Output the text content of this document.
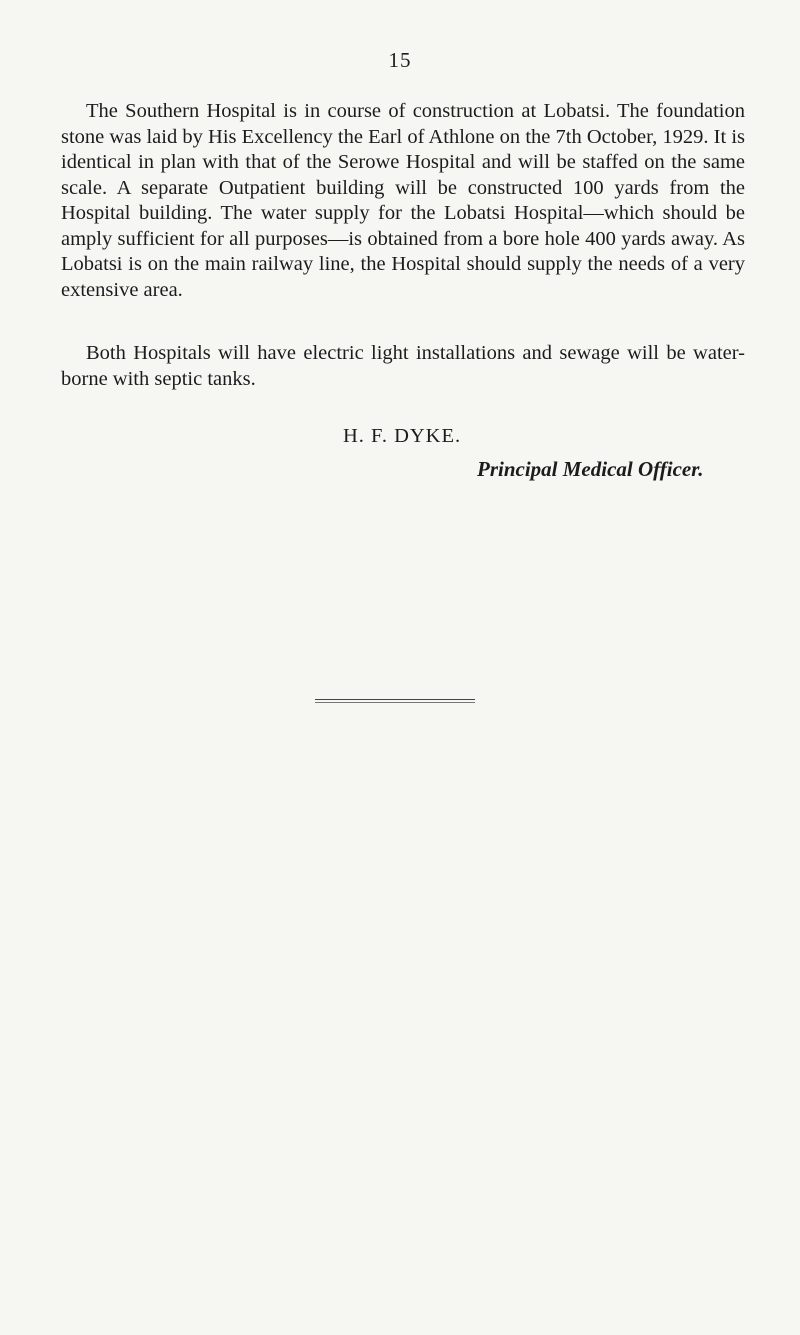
15

The Southern Hospital is in course of construction at Lobatsi. The foundation stone was laid by His Excellency the Earl of Athlone on the 7th October, 1929. It is identical in plan with that of the Serowe Hospital and will be staffed on the same scale. A separate Outpatient building will be constructed 100 yards from the Hospital building. The water supply for the Lobatsi Hospital—which should be amply sufficient for all purposes—is obtained from a bore hole 400 yards away. As Lobatsi is on the main railway line, the Hospital should supply the needs of a very extensive area.

Both Hospitals will have electric light installations and sewage will be water-borne with septic tanks.

H. F. DYKE.
Principal Medical Officer.
